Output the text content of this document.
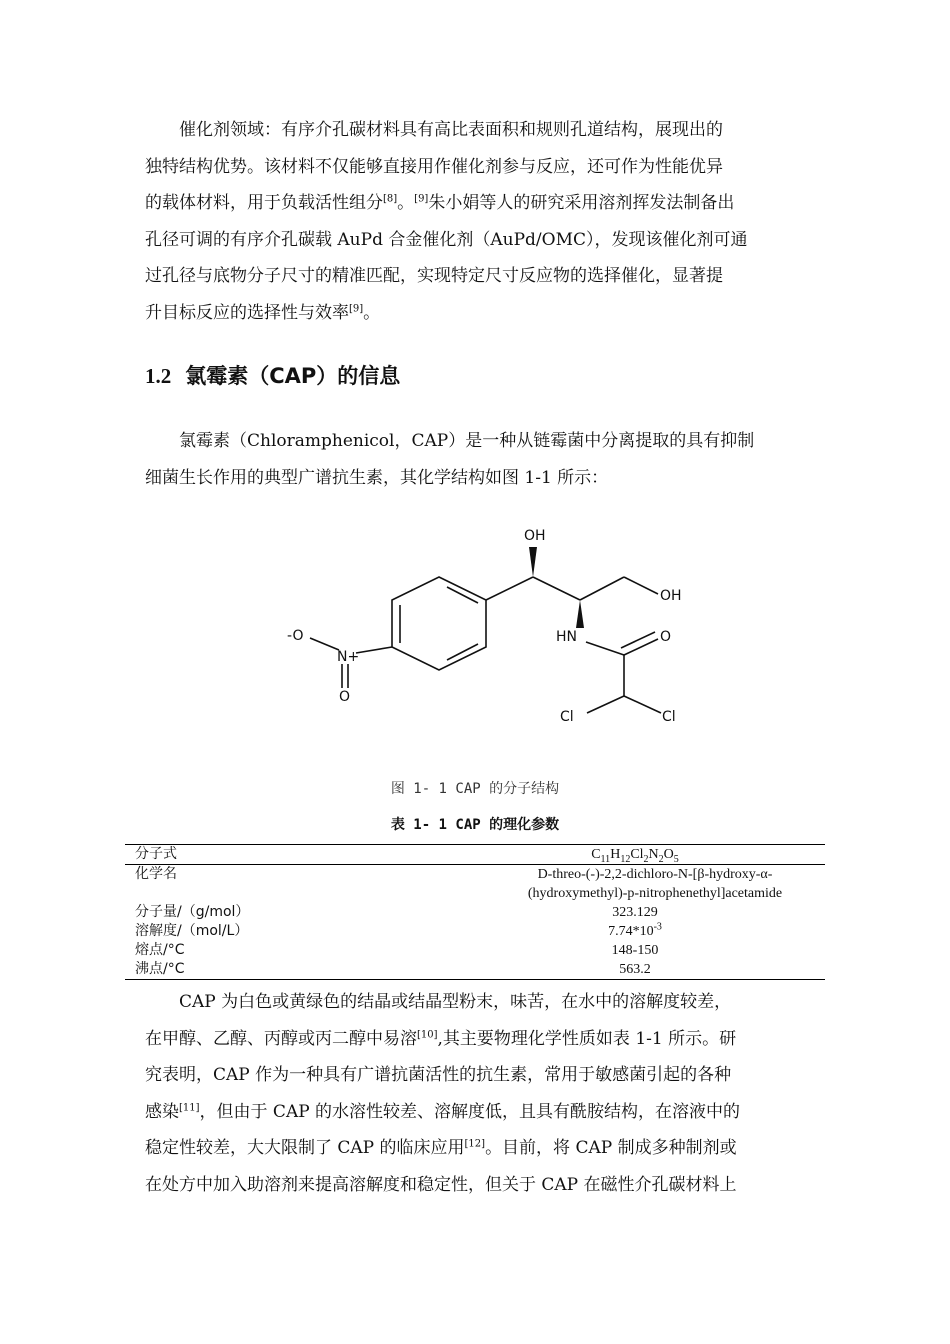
催化剂领域：有序介孔碳材料具有高比表面积和规则孔道结构，展现出的

独特结构优势。该材料不仅能够直接用作催化剂参与反应，还可作为性能优异

的载体材料，用于负载活性组分[8]。[9]朱小娟等人的研究采用溶剂挥发法制备出

孔径可调的有序介孔碳载 AuPd 合金催化剂（AuPd/OMC），发现该催化剂可通

过孔径与底物分子尺寸的精准匹配，实现特定尺寸反应物的选择催化，显著提

升目标反应的选择性与效率[9]。

1.2 氯霉素（CAP）的信息

氯霉素（Chloramphenicol，CAP）是一种从链霉菌中分离提取的具有抑制

细菌生长作用的典型广谱抗生素，其化学结构如图 1-1 所示：

OH
OH
HN	O
Cl	Cl
-O
N+
O
图 1- 1 CAP 的分子结构
表 1- 1 CAP 的理化参数
分子式	$C_{11}H_{12}Cl_2N_2O_5$
化学名	D-threo-(-)-2,2-dichloro-N-[β-hydroxy-α-(hydroxymethyl)-p-nitrophenethyl]acetamide
分子量/（g/mol）	323.129
溶解度/（mol/L）	$7.74*10^{-3}$
熔点/°C	148-150
沸点/°C	563.2

CAP 为白色或黄绿色的结晶或结晶型粉末，味苦，在水中的溶解度较差，

在甲醇、乙醇、丙醇或丙二醇中易溶[10],其主要物理化学性质如表 1-1 所示。研

究表明，CAP 作为一种具有广谱抗菌活性的抗生素，常用于敏感菌引起的各种

感染[11]，但由于 CAP 的水溶性较差、溶解度低，且具有酰胺结构，在溶液中的

稳定性较差，大大限制了 CAP 的临床应用[12]。目前，将 CAP 制成多种制剂或

在处方中加入助溶剂来提高溶解度和稳定性，但关于 CAP 在磁性介孔碳材料上
